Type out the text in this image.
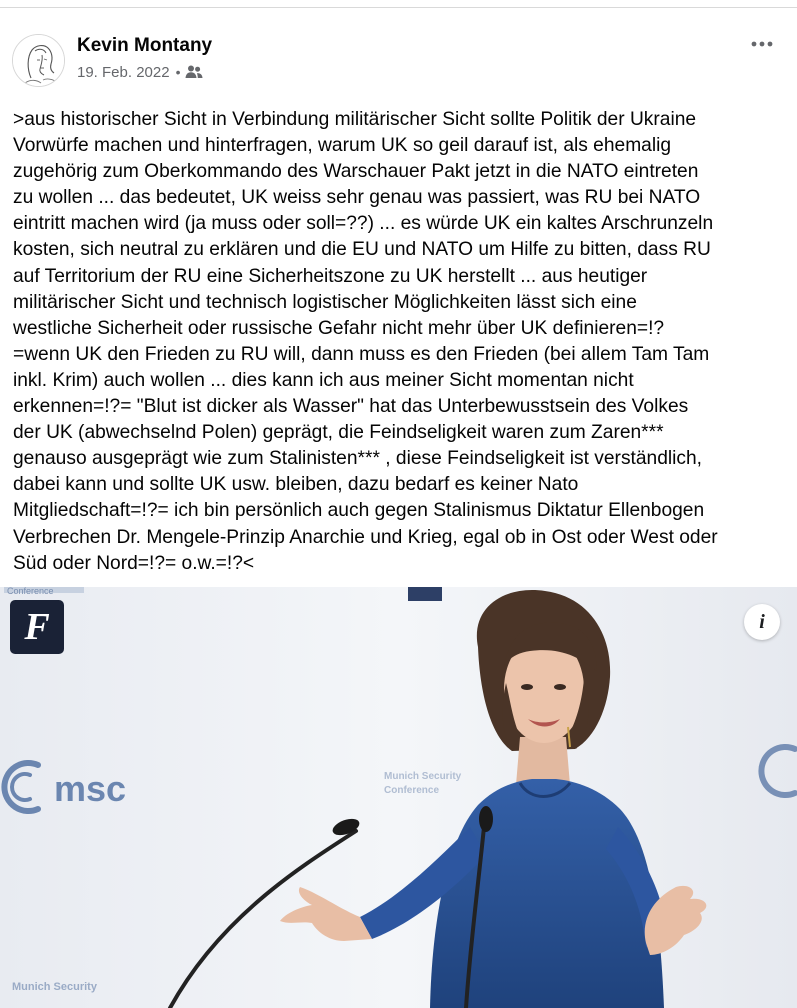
Kevin Montany
19. Feb. 2022 •

>aus historischer Sicht in Verbindung militärischer Sicht sollte Politik der Ukraine
Vorwürfe machen und hinterfragen, warum UK so geil darauf ist, als ehemalig
zugehörig zum Oberkommando des Warschauer Pakt jetzt in die NATO eintreten
zu wollen ... das bedeutet, UK weiss sehr genau was passiert, was RU bei NATO
eintritt machen wird (ja muss oder soll=??) ... es würde UK ein kaltes Arschrunzeln
kosten, sich neutral zu erklären und die EU und NATO um Hilfe zu bitten, dass RU
auf Territorium der RU eine Sicherheitszone zu UK herstellt ... aus heutiger
militärischer Sicht und technisch logistischer Möglichkeiten lässt sich eine
westliche Sicherheit oder russische Gefahr nicht mehr über UK definieren=!?
=wenn UK den Frieden zu RU will, dann muss es den Frieden (bei allem Tam Tam
inkl. Krim) auch wollen ... dies kann ich aus meiner Sicht momentan nicht
erkennen=!?= "Blut ist dicker als Wasser" hat das Unterbewusstsein des Volkes
der UK (abwechselnd Polen) geprägt, die Feindseligkeit waren zum Zaren***
genauso ausgeprägt wie zum Stalinisten*** , diese Feindseligkeit ist verständlich,
dabei kann und sollte UK usw. bleiben, dazu bedarf es keiner Nato
Mitgliedschaft=!?= ich bin persönlich auch gegen Stalinismus Diktatur Ellenbogen
Verbrechen Dr. Mengele-Prinzip Anarchie und Krieg, egal ob in Ost oder West oder
Süd oder Nord=!?= o.w.=!?<

Conference
msc	Munich Security
Conference
Munich Security
F	i
